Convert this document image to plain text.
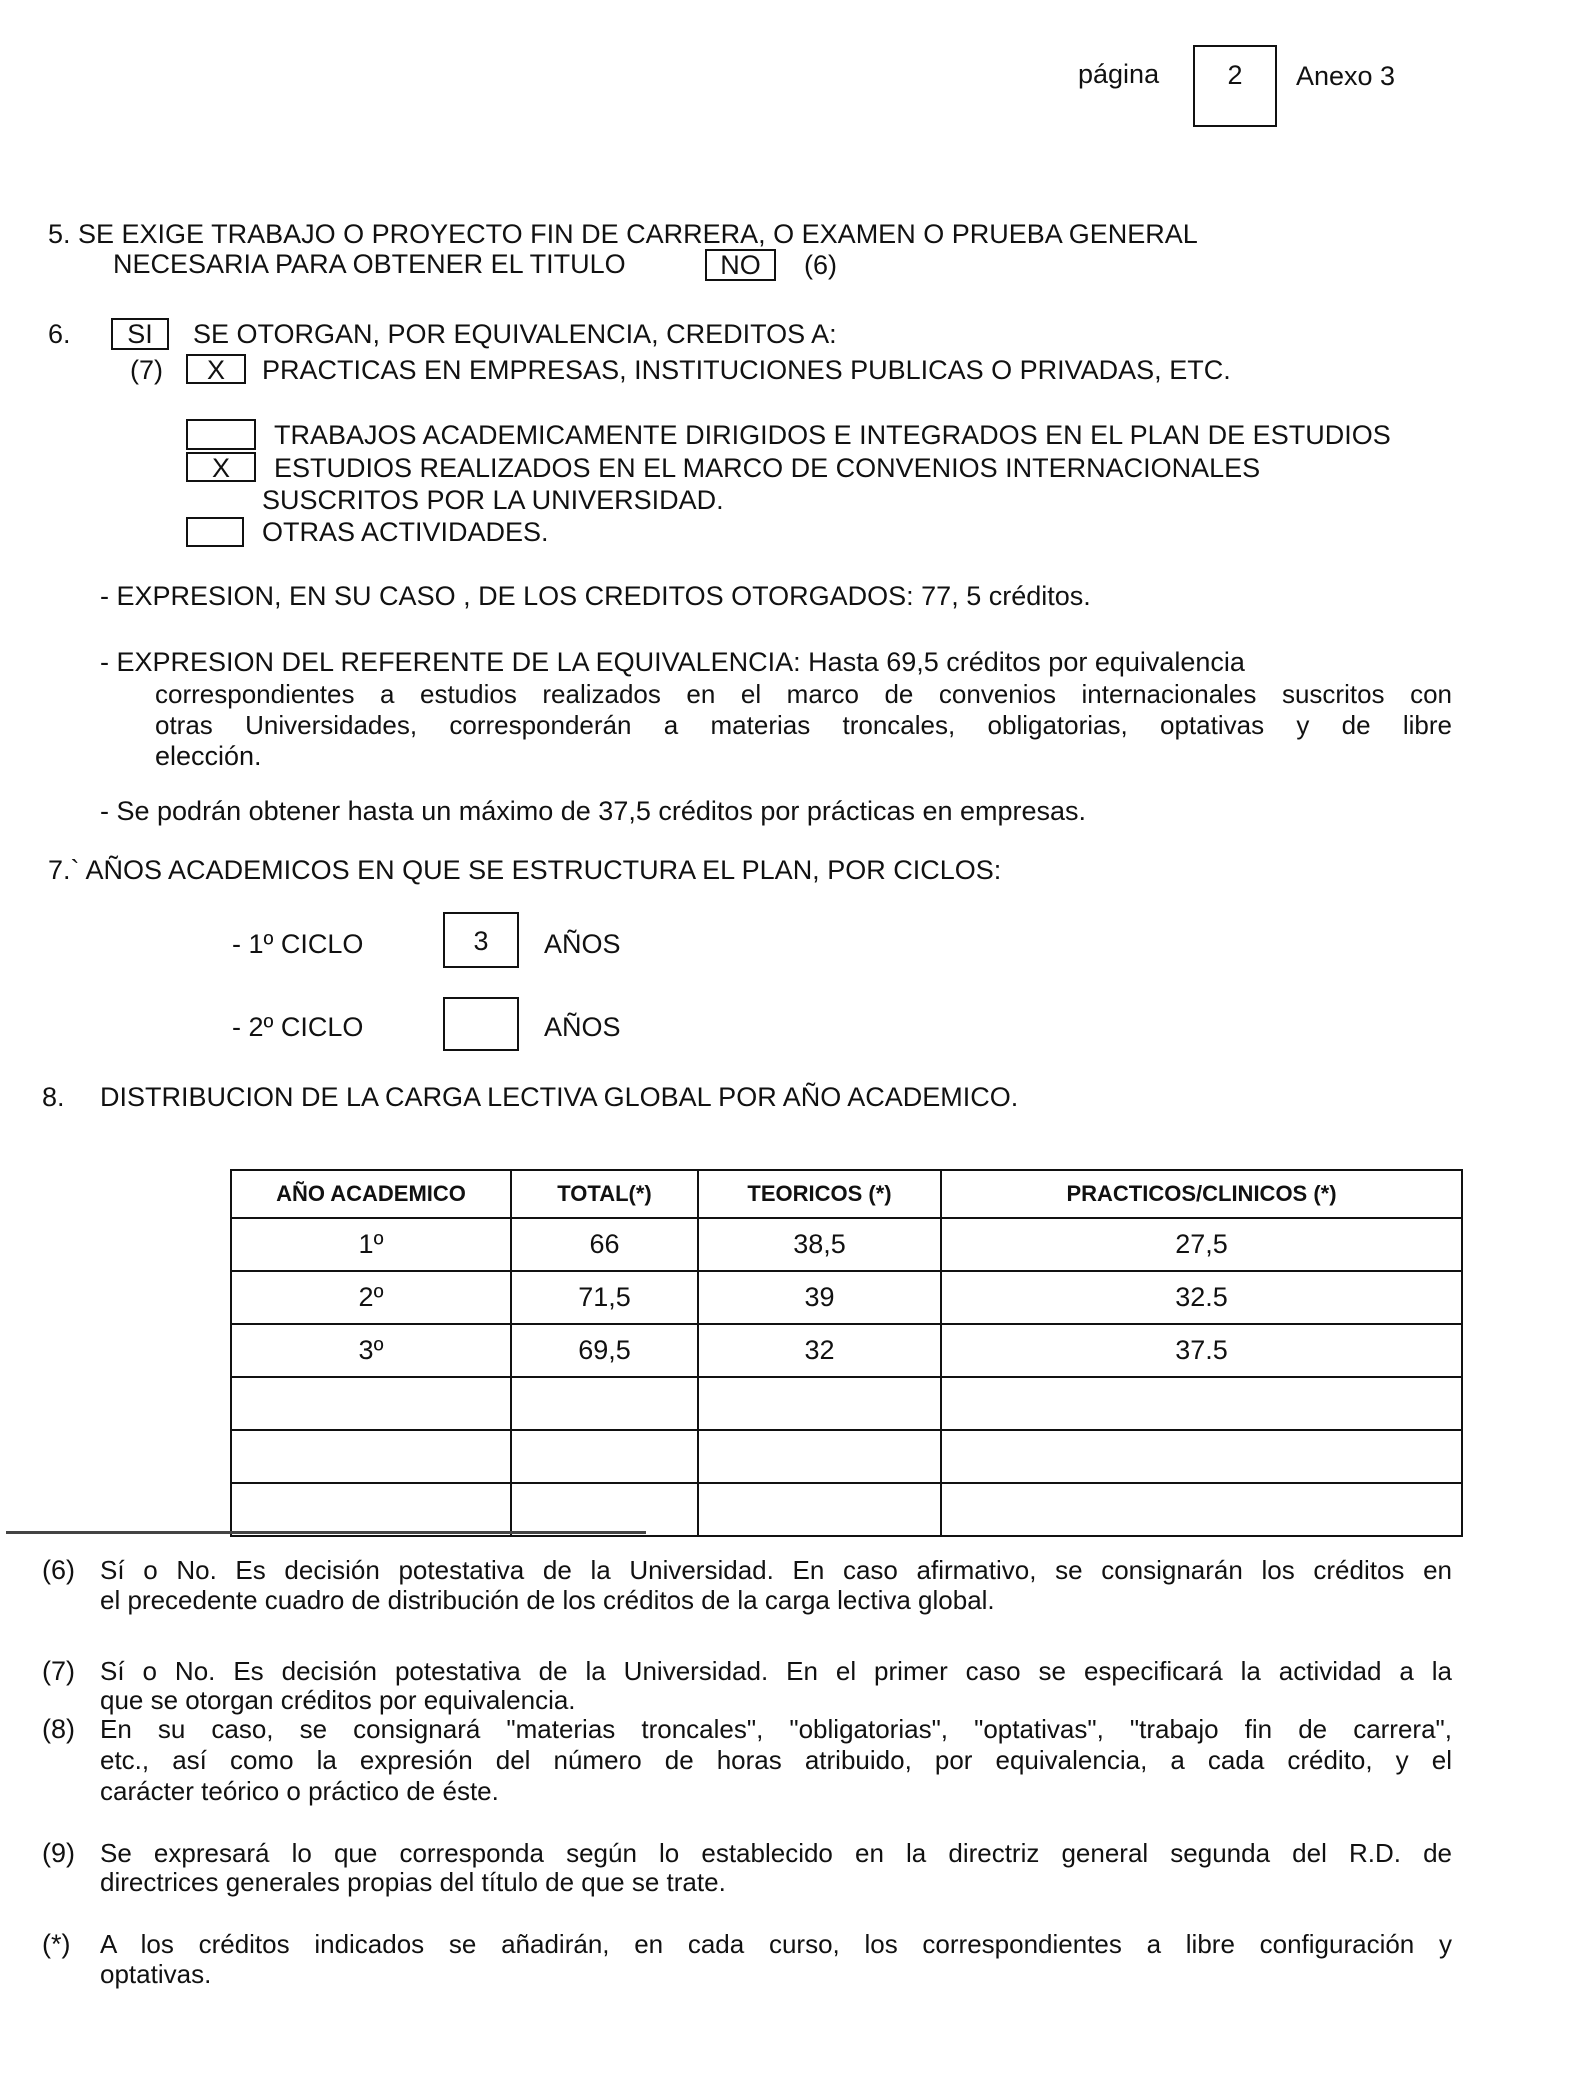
página	2	Anexo 3
5. SE EXIGE TRABAJO O PROYECTO FIN DE CARRERA, O EXAMEN O PRUEBA GENERAL
NECESARIA PARA OBTENER EL TITULO	NO	(6)
6.	SI	SE OTORGAN, POR EQUIVALENCIA, CREDITOS A:
(7)	X	PRACTICAS EN EMPRESAS, INSTITUCIONES PUBLICAS O PRIVADAS, ETC.
TRABAJOS ACADEMICAMENTE DIRIGIDOS E INTEGRADOS EN EL PLAN DE ESTUDIOS
X	ESTUDIOS REALIZADOS EN EL MARCO DE CONVENIOS INTERNACIONALES
SUSCRITOS POR LA UNIVERSIDAD.
OTRAS ACTIVIDADES.
- EXPRESION, EN SU CASO , DE LOS CREDITOS OTORGADOS: 77, 5 créditos.
- EXPRESION DEL REFERENTE DE LA EQUIVALENCIA: Hasta 69,5 créditos por equivalencia
correspondientes a estudios realizados en el marco de convenios internacionales suscritos con
otras Universidades, corresponderán a materias troncales, obligatorias, optativas y de libre
elección.
- Se podrán obtener hasta un máximo de 37,5 créditos por prácticas en empresas.
7.` AÑOS ACADEMICOS EN QUE SE ESTRUCTURA EL PLAN, POR CICLOS:
- 1º CICLO	3	AÑOS
- 2º CICLO	AÑOS
8. DISTRIBUCION DE LA CARGA LECTIVA GLOBAL POR AÑO ACADEMICO.
AÑO ACADEMICO	TOTAL(*)	TEORICOS (*)	PRACTICOS/CLINICOS (*)
1º	66	38,5	27,5
2º	71,5	39	32.5
3º	69,5	32	37.5

(6) Sí o No. Es decisión potestativa de la Universidad. En caso afirmativo, se consignarán los créditos en
el precedente cuadro de distribución de los créditos de la carga lectiva global.
(7) Sí o No. Es decisión potestativa de la Universidad. En el primer caso se especificará la actividad a la
que se otorgan créditos por equivalencia.
(8) En su caso, se consignará "materias troncales", "obligatorias", "optativas", "trabajo fin de carrera",
etc., así como la expresión del número de horas atribuido, por equivalencia, a cada crédito, y el
carácter teórico o práctico de éste.
(9) Se expresará lo que corresponda según lo establecido en la directriz general segunda del R.D. de
directrices generales propias del título de que se trate.
(*) A los créditos indicados se añadirán, en cada curso, los correspondientes a libre configuración y
optativas.
